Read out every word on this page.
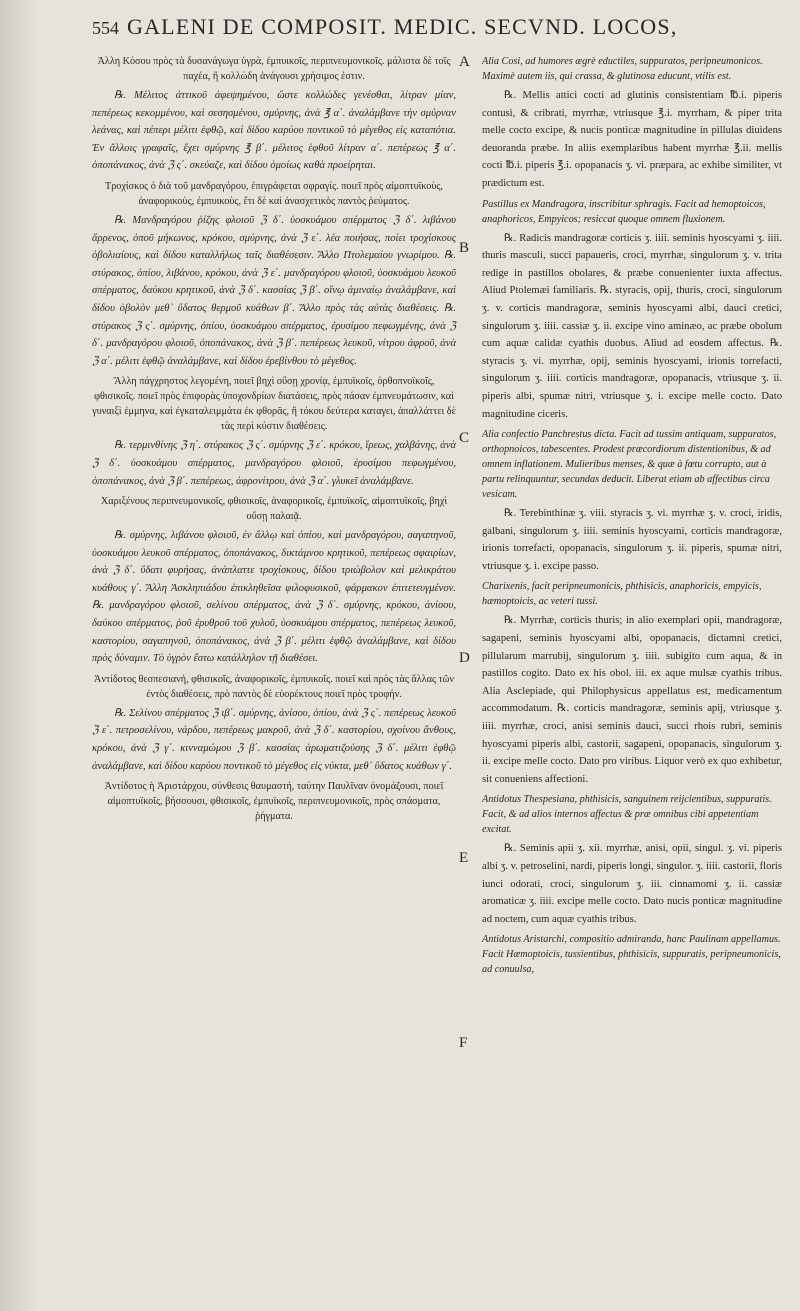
554 GALENI DE COMPOSIT. MEDIC. SECVND. LOCOS,

Ἀλλη Κόσου πρὸς τὰ δυσανάγωγα ὑγρὰ, ἐμπυικοῖς, περιπνευμονικοῖς. μάλιστα δὲ τοῖς παχέα, ἢ κολλώδη ἀνάγουσι χρήσιμος ἐστιν.

℞. Μέλιτος ἀττικοῦ ἀφεψημένου, ὥστε κολλώδες γενέσθαι, λίτραν μίαν, πεπέρεως κεκομμένου, καὶ σεσησμένου, σμύρνης, ἀνὰ ℥ α΄. ἀναλάμβανε τὴν σμύρναν λεάνας, καὶ πέπερι μέλιτι ἑφθῷ, καὶ δίδου καρύου ποντικοῦ τὸ μέγεθος εἰς καταπότια. Ἐν ἄλλοις γραφαῖς, ἔχει σμύρνης ℥ β΄. μέλιτος ἑφθοῦ λίτραν α΄. πεπέρεως ℥ α΄. ὀποπάνακος, ἀνὰ ℨ ς΄. σκεύαζε, καὶ δίδου ὁμοίως καθὰ προείρηται.

Τροχίσκος ὁ διὰ τοῦ μανδραγόρου, ἐπιγράφεται σφραγίς. ποιεῖ πρὸς αἱμοπτυϊκοὺς, ἀναφορικοὺς, ἐμπυικοὺς, ἔτι δὲ καὶ ἀνασχετικὸς παντὸς ῥεύματος.

℞. Μανδραγόρου ῥίζης φλοιοῦ ℨ δ΄. ὑοσκυάμου σπέρματος ℨ δ΄. λιβάνου ἄρρενος, ὀποῦ μήκωνος, κρόκου, σμύρνης, ἀνὰ ℨ ε΄. λέα ποιήσας, ποίει τροχίσκους ὀβολιαίους, καὶ δίδου καταλλήλως ταῖς διαθέσεσιν. Ἄλλο Πτολεμαίου γνωρίμου. ℞. στύρακος, ὀπίου, λιβάνου, κρόκου, ἀνὰ ℨ ε΄. μανδραγόρου φλοιοῦ, ὑοσκυάμου λευκοῦ σπέρματος, δαύκου κρητικοῦ, ἀνὰ ℨ δ΄. κασσίας ℨ β΄. οἴνῳ ἀμιναίῳ ἀναλάμβανε, καὶ δίδου ὀβολὸν μεθ᾽ ὕδατος θερμοῦ κυάθων β΄. Ἄλλο πρὸς τὰς αὐτὰς διαθέσεις. ℞. στύρακος ℨ ς΄. σμύρνης, ὀπίου, ὑοσκυάμου σπέρματος, ἐρυσίμου πεφωγμένης, ἀνὰ ℨ δ΄. μανδραγόρου φλοιοῦ, ὀποπάνακος, ἀνὰ ℨ β΄. πεπέρεως λευκοῦ, νίτρου ἀφροῦ, ἀνὰ ℨ α΄. μέλιτι ἑφθῷ ἀναλάμβανε, καὶ δίδου ἐρεβίνθου τὸ μέγεθος.

Ἄλλη πάγχρηστος λεγομένη, ποιεῖ βηχὶ οὔσῃ χρονίᾳ, ἐμπυϊκοῖς, ὀρθοπνοϊκοῖς, φθισικοῖς. ποιεῖ πρὸς ἐπιφορὰς ὑποχονδρίων διατάσεις, πρὸς πάσαν ἐμπνευμάτωσιν, καὶ γυναιξὶ ἐμμηνα, καὶ ἐγκαταλειμμάτα ἐκ φθορᾶς, ἢ τόκου δεύτερα καταγει, ἀπαλλάττει δὲ τὰς περὶ κύστιν διαθέσεις.

℞. τερμινθίνης ℨ η΄. στύρακος ℨ ς΄. σμύρνης ℨ ε΄. κρόκου, ἴρεως, χαλβάνης, ἀνὰ ℨ δ΄. ὑοσκυάμου σπέρματος, μανδραγόρου φλοιοῦ, ἐρυσίμου πεφωγμένου, ὀποπάνακος, ἀνὰ ℨ β΄. πεπέρεως, ἀφρονίτρου, ἀνὰ ℨ α΄. γλυκεῖ ἀναλάμβανε.

Χαριξένους περιπνευμονικοῖς, φθισικοῖς, ἀναφορικοῖς, ἐμπυϊκοῖς, αἱμοπτυϊκοῖς, βηχὶ οὔσῃ παλαιᾷ.

℞. σμύρνης, λιβάνου φλοιοῦ, ἐν ἄλλῳ καὶ ὀπίου, καὶ μανδραγόρου, σαγαπηνοῦ, ὑοσκυάμου λευκοῦ σπέρματος, ὀποπάνακος, δικτάμνου κρητικοῦ, πεπέρεως σφαιρίων, ἀνὰ ℨ δ΄. ὕδατι φυρήσας, ἀνάπλαττε τροχίσκους, δίδου τριώβολον καὶ μελικράτου κυάθους γ΄. Ἄλλη Ἀσκληπιάδου ἐπικληθεῖσα φιλοφυσικοῦ, φάρμακον ἐπιτετευγμένον. ℞. μανδραγόρου φλοιοῦ, σελίνου σπέρματος, ἀνὰ ℨ δ΄. σμύρνης, κρόκου, ἀνίσου, δαύκου σπέρματος, ῥοῦ ἐρυθροῦ τοῦ χυλοῦ, ὑοσκυάμου σπέρματος, πεπέρεως λευκοῦ, καστορίου, σαγαπηνοῦ, ὀποπάνακος, ἀνὰ ℨ β΄. μέλιτι ἑφθῷ ἀναλάμβανε, καὶ δίδου πρὸς δύναμιν. Τὸ ὑγρὸν ἔστω κατάλληλον τῇ διαθέσει.

Ἀντίδοτος θεσπεσιανή, φθισικοῖς, ἀναφορικοῖς, ἐμπυικοῖς. ποιεῖ καὶ πρὸς τὰς ἄλλας τῶν ἐντὸς διαθέσεις, πρὸ παντὸς δὲ εὐορέκτους ποιεῖ πρὸς τροφήν.

℞. Σελίνου σπέρματος ℨ ιβ΄. σμύρνης, ἀνίσου, ὀπίου, ἀνὰ ℨ ς΄. πεπέρεως λευκοῦ ℨ ε΄. πετροσελίνου, νάρδου, πεπέρεως μακροῦ, ἀνὰ ℨ δ΄. καστορίου, σχοίνου ἄνθους, κρόκου, ἀνὰ ℨ γ΄. κινναμώμου ℨ β΄. κασσίας ἀρωματιζούσης ℨ δ΄. μέλιτι ἑφθῷ ἀναλάμβανε, καὶ δίδου καρύου ποντικοῦ τὸ μέγεθος εἰς νύκτα, μεθ᾽ ὕδατος κυάθων γ΄.

Ἀντίδοτος ἡ Ἀριστάρχου, σύνθεσις θαυμαστή, ταύτην Παυλῖναν ὀνομάζουσι, ποιεῖ αἱμοπτυϊκοῖς, βήσσουσι, φθισικοῖς, ἐμπυϊκοῖς, περιπνευμονικοῖς, πρὸς σπάσματα, ῥήγματα.

A
B
C
D
E
F

Alia Cosi, ad humores ægrè eductiles, suppuratos, peripneumonicos. Maximè autem iis, qui crassa, & glutinosa educunt, vtilis est.

℞. Mellis attici cocti ad glutinis consistentiam ℔.i. piperis contusi, & cribrati, myrrhæ, vtriusque ℥.i. myrrham, & piper trita melle cocto excipe, & nucis ponticæ magnitudine in pillulas diuidens deuoranda præbe. In aliis exemplaribus habent myrrhæ ℥.ii. mellis cocti ℔.i. piperis ℥.i. opopanacis ʒ. vi. præpara, ac exhibe similiter, vt prædictum est.

Pastillus ex Mandragora, inscribitur sphragis. Facit ad hemoptoicos, anaphoricos, Empyicos; resiccat quoque omnem fluxionem.

℞. Radicis mandragoræ corticis ʒ. iiii. seminis hyoscyami ʒ. iiii. thuris masculi, succi papaueris, croci, myrrhæ, singulorum ʒ. v. trita redige in pastillos obolares, & præbe conuenienter iuxta affectus. Aliud Ptolemæi familiaris. ℞. styracis, opij, thuris, croci, singulorum ʒ. v. corticis mandragoræ, seminis hyoscyami albi, dauci cretici, singulorum ʒ. iiii. cassiæ ʒ. ii. excipe vino aminæo, ac præbe obolum cum aquæ calidæ cyathis duobus. Aliud ad eosdem affectus. ℞. styracis ʒ. vi. myrrhæ, opij, seminis hyoscyami, irionis torrefacti, singulorum ʒ. iiii. corticis mandragoræ, opopanacis, vtriusque ʒ. ii. piperis albi, spumæ nitri, vtriusque ʒ. i. excipe melle cocto. Dato magnitudine ciceris.

Alia confectio Panchrestus dicta. Facit ad tussim antiquam, suppuratos, orthopnoicos, tabescentes. Prodest præcordiorum distentionibus, & ad omnem inflationem. Mulieribus menses, & quæ à fœtu corrupto, aut à partu relinquuntur, secundas deducit. Liberat etiam ab affectibus circa vesicam.

℞. Terebinthinæ ʒ. viii. styracis ʒ. vi. myrrhæ ʒ. v. croci, iridis, galbani, singulorum ʒ. iiii. seminis hyoscyami, corticis mandragoræ, irionis torrefacti, opopanacis, singulorum ʒ. ii. piperis, spumæ nitri, vtriusque ʒ. i. excipe passo.

Charixenis, facit peripneumonicis, phthisicis, anaphoricis, empyicis, hæmoptoicis, ac veteri tussi.

℞. Myrrhæ, corticis thuris; in alio exemplari opii, mandragoræ, sagapeni, seminis hyoscyami albi, opopanacis, dictamni cretici, pillularum marrubij, singulorum ʒ. iiii. subigito cum aqua, & in pastillos cogito. Dato ex his obol. iii. ex aque mulsæ cyathis tribus. Alia Asclepiade, qui Philophysicus appellatus est, medicamentum accommodatum. ℞. corticis mandragoræ, seminis apij, vtriusque ʒ. iiii. myrrhæ, croci, anisi seminis dauci, succi rhois rubri, seminis hyoscyami piperis albi, castorii, sagapeni, opopanacis, singulorum ʒ. ii. excipe melle cocto. Dato pro viribus. Liquor verò ex quo exhibetur, sit conueniens affectioni.

Antidotus Thespesiana, phthisicis, sanguinem reijcientibus, suppuratis. Facit, & ad alios internos affectus & præ omnibus cibi appetentiam excitat.

℞. Seminis apii ʒ. xii. myrrhæ, anisi, opii, singul. ʒ. vi. piperis albi ʒ. v. petroselini, nardi, piperis longi, singulor. ʒ. iiii. castorii, floris iunci odorati, croci, singulorum ʒ. iii. cinnamomi ʒ. ii. cassiæ aromaticæ ʒ. iiii. excipe melle cocto. Dato nucis ponticæ magnitudine ad noctem, cum aquæ cyathis tribus.

Antidotus Aristarchi, compositio admiranda, hanc Paulinam appellamus. Facit Hæmoptoicis, tussientibus, phthisicis, suppuratis, peripneumonicis, ad conuulsa,
